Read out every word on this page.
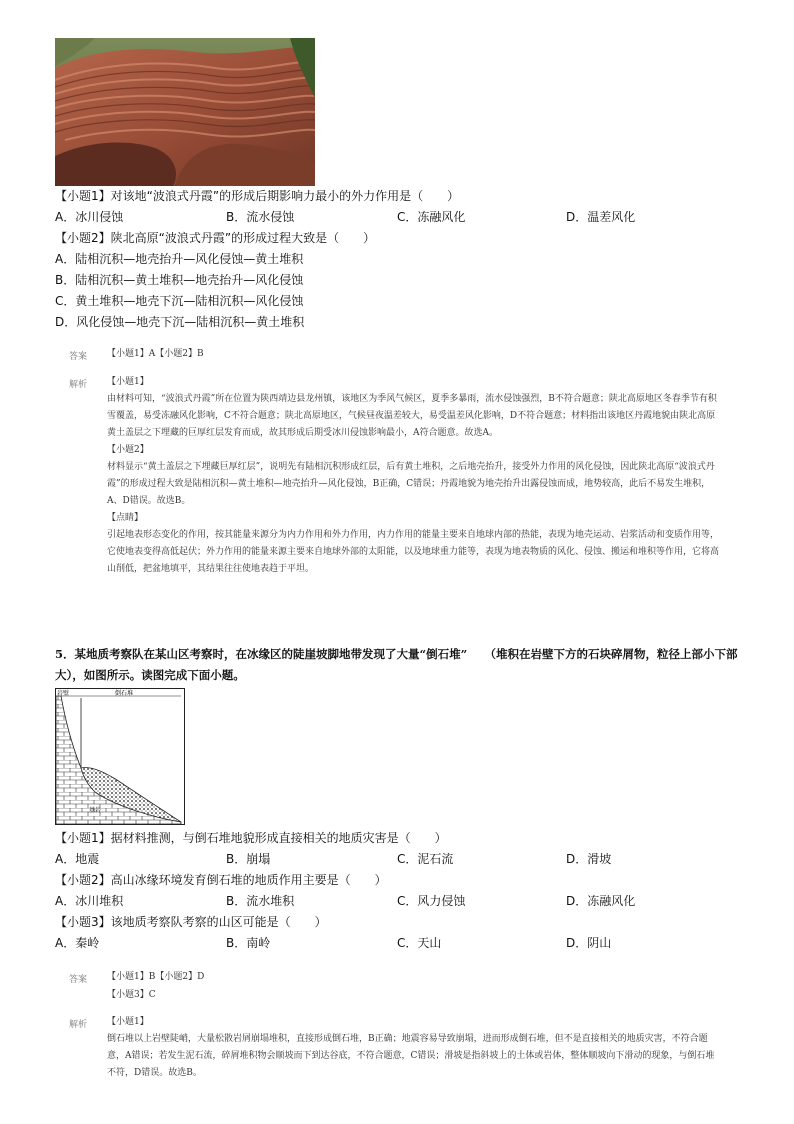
【小题1】对该地“波浪式丹霞”的形成后期影响力最小的外力作用是（　　）
A．冰川侵蚀	B．流水侵蚀	C．冻融风化	D．温差风化
【小题2】陕北高原“波浪式丹霞”的形成过程大致是（　　）
A．陆相沉积—地壳抬升—风化侵蚀—黄土堆积
B．陆相沉积—黄土堆积—地壳抬升—风化侵蚀
C．黄土堆积—地壳下沉—陆相沉积—风化侵蚀
D．风化侵蚀—地壳下沉—陆相沉积—黄土堆积
答案 【小题1】A【小题2】B
解析 【小题1】

由材料可知，“波浪式丹霞”所在位置为陕西靖边县龙州镇，该地区为季风气候区，夏季多暴雨，流水侵蚀强烈，B不符合题意；陕北高原地区冬春季节有积雪覆盖，易受冻融风化影响，C不符合题意；陕北高原地区，气候昼夜温差较大，易受温差风化影响，D不符合题意；材料指出该地区丹霞地貌由陕北高原黄土盖层之下埋藏的巨厚红层发育而成，故其形成后期受冰川侵蚀影响最小，A符合题意。故选A。

【小题2】

材料显示“黄土盖层之下埋藏巨厚红层”，说明先有陆相沉积形成红层，后有黄土堆积，之后地壳抬升，接受外力作用的风化侵蚀，因此陕北高原“波浪式丹霞”的形成过程大致是陆相沉积—黄土堆积—地壳抬升—风化侵蚀，B正确，C错误；丹霞地貌为地壳抬升出露侵蚀而成，地势较高，此后不易发生堆积，A、D错误。故选B。

【点睛】

引起地表形态变化的作用，按其能量来源分为内力作用和外力作用，内力作用的能量主要来自地球内部的热能，表现为地壳运动、岩浆活动和变质作用等，它使地表变得高低起伏；外力作用的能量来源主要来自地球外部的太阳能，以及地球重力能等，表现为地表物质的风化、侵蚀、搬运和堆积等作用，它将高山削低，把盆地填平，其结果往往使地表趋于平坦。

5．某地质考察队在某山区考察时，在冰缘区的陡崖坡脚地带发现了大量“倒石堆”　　（堆积在岩壁下方的石块碎屑物，粒径上部小下部大），如图所示。读图完成下面小题。
岩壁	倒石堆
基岩
【小题1】据材料推测，与倒石堆地貌形成直接相关的地质灾害是（　　）
A．地震	B．崩塌	C．泥石流	D．滑坡
【小题2】高山冰缘环境发育倒石堆的地质作用主要是（　　）
A．冰川堆积	B．流水堆积	C．风力侵蚀	D．冻融风化
【小题3】该地质考察队考察的山区可能是（　　）
A．秦岭	B．南岭	C．天山	D．阴山
答案 【小题1】B【小题2】D
【小题3】C
解析 【小题1】

倒石堆以上岩壁陡峭，大量松散岩屑崩塌堆积，直接形成倒石堆，B正确；地震容易导致崩塌，进而形成倒石堆，但不是直接相关的地质灾害，不符合题意，A错误；若发生泥石流，碎屑堆积物会顺坡而下到达谷底，不符合题意，C错误；滑坡是指斜坡上的土体或岩体，整体顺坡向下滑动的现象，与倒石堆不符，D错误。故选B。
